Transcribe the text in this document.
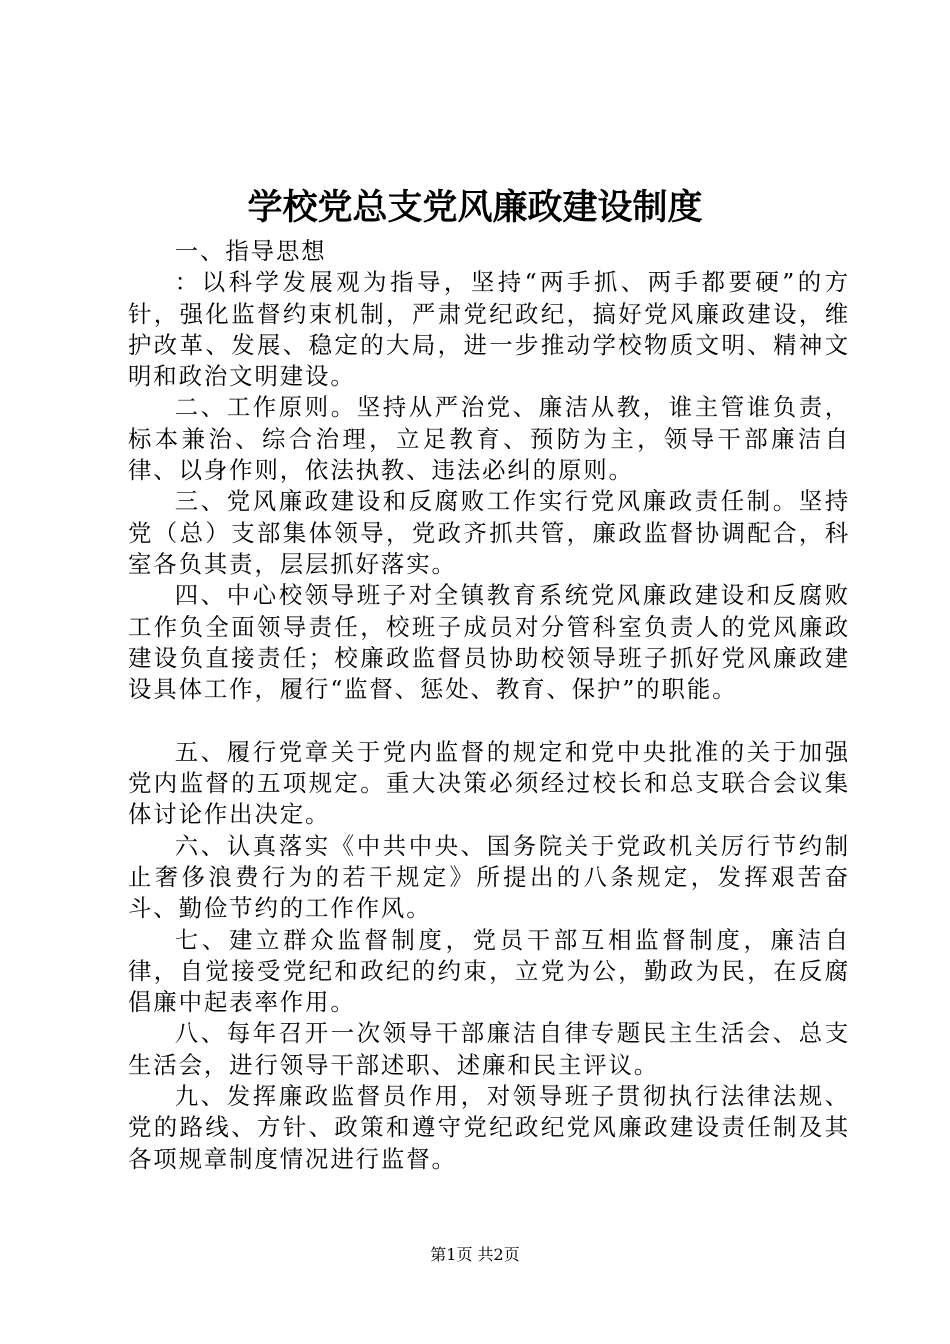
学校党总支党风廉政建设制度

一、指导思想

：以科学发展观为指导，坚持“两手抓、两手都要硬”的方针，强化监督约束机制，严肃党纪政纪，搞好党风廉政建设，维护改革、发展、稳定的大局，进一步推动学校物质文明、精神文明和政治文明建设。

二、工作原则。坚持从严治党、廉洁从教，谁主管谁负责，标本兼治、综合治理，立足教育、预防为主，领导干部廉洁自律、以身作则，依法执教、违法必纠的原则。

三、党风廉政建设和反腐败工作实行党风廉政责任制。坚持党（总）支部集体领导，党政齐抓共管，廉政监督协调配合，科室各负其责，层层抓好落实。

四、中心校领导班子对全镇教育系统党风廉政建设和反腐败工作负全面领导责任，校班子成员对分管科室负责人的党风廉政建设负直接责任；校廉政监督员协助校领导班子抓好党风廉政建设具体工作，履行“监督、惩处、教育、保护”的职能。

五、履行党章关于党内监督的规定和党中央批准的关于加强党内监督的五项规定。重大决策必须经过校长和总支联合会议集体讨论作出决定。

六、认真落实《中共中央、国务院关于党政机关厉行节约制止奢侈浪费行为的若干规定》所提出的八条规定，发挥艰苦奋斗、勤俭节约的工作作风。

七、建立群众监督制度，党员干部互相监督制度，廉洁自律，自觉接受党纪和政纪的约束，立党为公，勤政为民，在反腐倡廉中起表率作用。

八、每年召开一次领导干部廉洁自律专题民主生活会、总支生活会，进行领导干部述职、述廉和民主评议。

九、发挥廉政监督员作用，对领导班子贯彻执行法律法规、党的路线、方针、政策和遵守党纪政纪党风廉政建设责任制及其各项规章制度情况进行监督。

第1页 共2页
